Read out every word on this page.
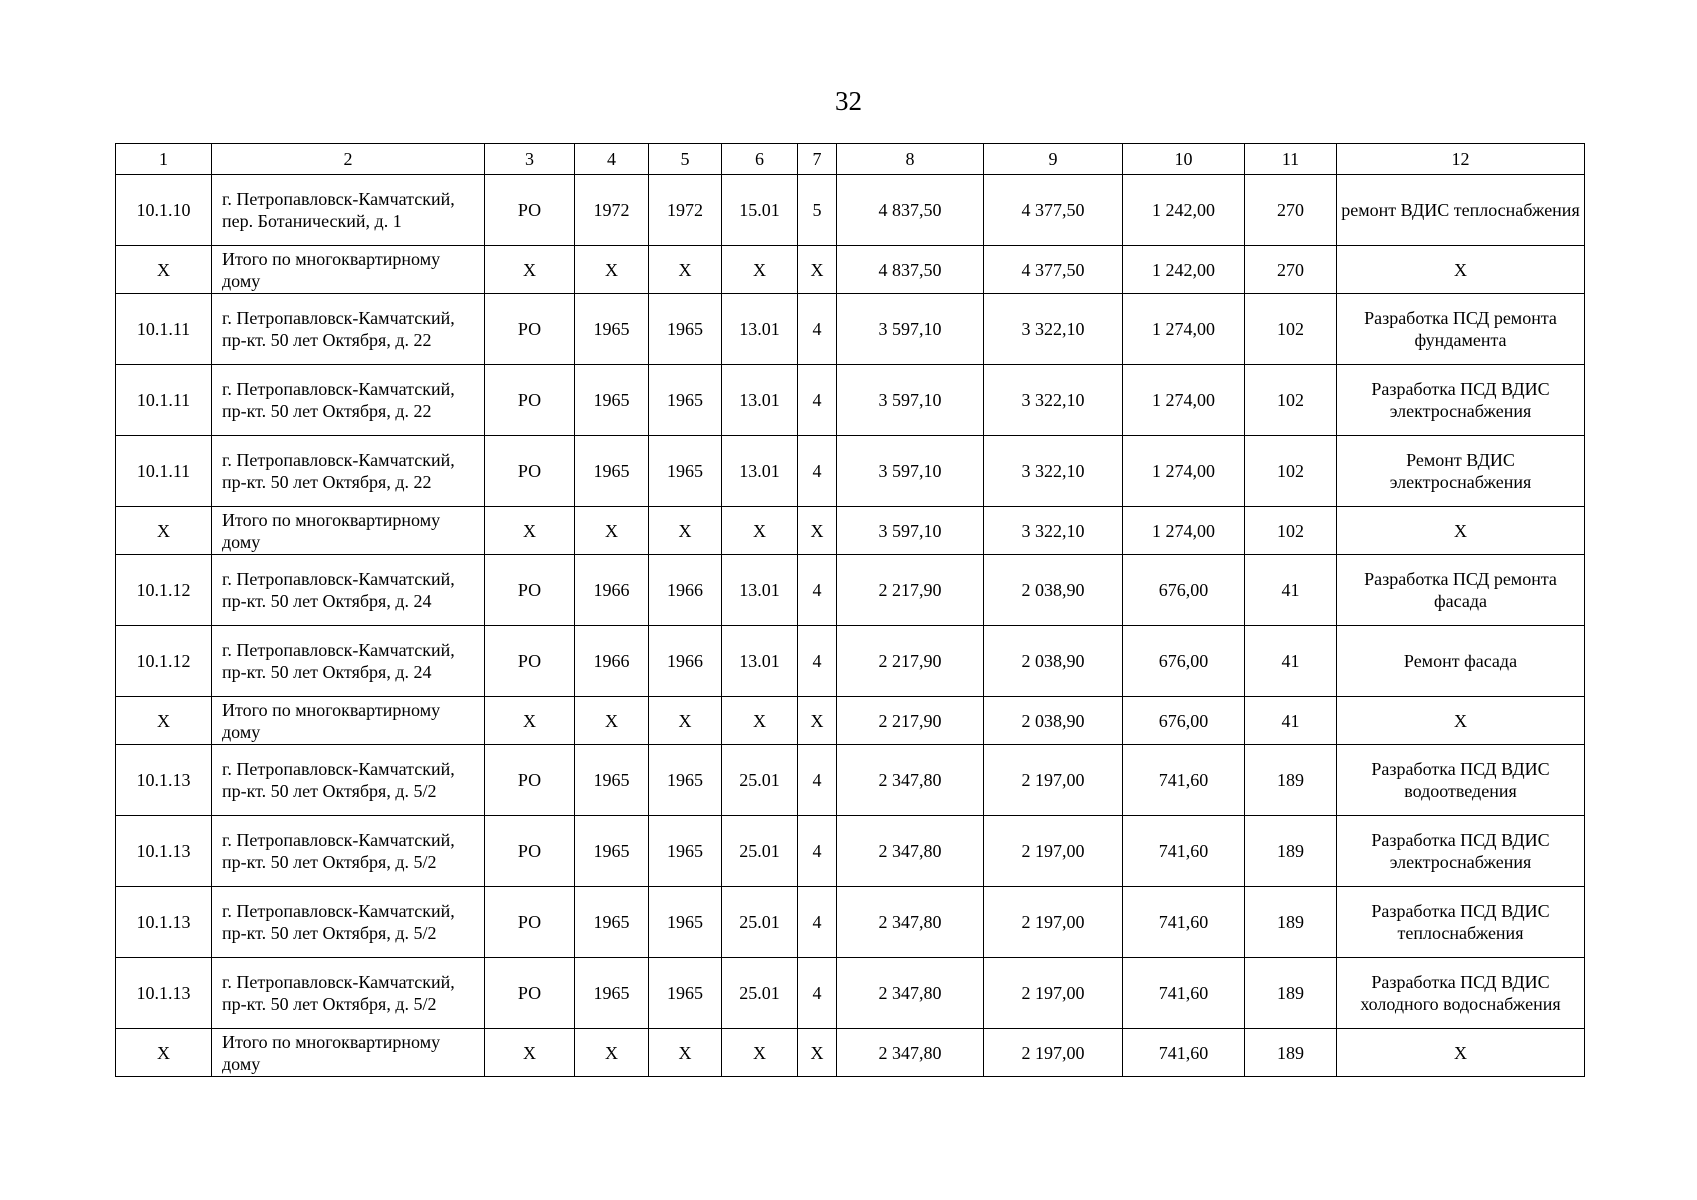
32
1	2	3	4	5	6	7	8	9	10	11	12
10.1.10	г. Петропавловск-Камчатский, пер. Ботанический, д. 1	РО	1972	1972	15.01	5	4 837,50	4 377,50	1 242,00	270	ремонт ВДИС теплоснабжения
Х	Итого по многоквартирному дому	Х	Х	Х	Х	Х	4 837,50	4 377,50	1 242,00	270	Х
10.1.11	г. Петропавловск-Камчатский, пр-кт. 50 лет Октября, д. 22	РО	1965	1965	13.01	4	3 597,10	3 322,10	1 274,00	102	Разработка ПСД ремонта фундамента
10.1.11	г. Петропавловск-Камчатский, пр-кт. 50 лет Октября, д. 22	РО	1965	1965	13.01	4	3 597,10	3 322,10	1 274,00	102	Разработка ПСД ВДИС электроснабжения
10.1.11	г. Петропавловск-Камчатский, пр-кт. 50 лет Октября, д. 22	РО	1965	1965	13.01	4	3 597,10	3 322,10	1 274,00	102	Ремонт ВДИС электроснабжения
Х	Итого по многоквартирному дому	Х	Х	Х	Х	Х	3 597,10	3 322,10	1 274,00	102	Х
10.1.12	г. Петропавловск-Камчатский, пр-кт. 50 лет Октября, д. 24	РО	1966	1966	13.01	4	2 217,90	2 038,90	676,00	41	Разработка ПСД ремонта фасада
10.1.12	г. Петропавловск-Камчатский, пр-кт. 50 лет Октября, д. 24	РО	1966	1966	13.01	4	2 217,90	2 038,90	676,00	41	Ремонт фасада
Х	Итого по многоквартирному дому	Х	Х	Х	Х	Х	2 217,90	2 038,90	676,00	41	Х
10.1.13	г. Петропавловск-Камчатский, пр-кт. 50 лет Октября, д. 5/2	РО	1965	1965	25.01	4	2 347,80	2 197,00	741,60	189	Разработка ПСД ВДИС водоотведения
10.1.13	г. Петропавловск-Камчатский, пр-кт. 50 лет Октября, д. 5/2	РО	1965	1965	25.01	4	2 347,80	2 197,00	741,60	189	Разработка ПСД ВДИС электроснабжения
10.1.13	г. Петропавловск-Камчатский, пр-кт. 50 лет Октября, д. 5/2	РО	1965	1965	25.01	4	2 347,80	2 197,00	741,60	189	Разработка ПСД ВДИС теплоснабжения
10.1.13	г. Петропавловск-Камчатский, пр-кт. 50 лет Октября, д. 5/2	РО	1965	1965	25.01	4	2 347,80	2 197,00	741,60	189	Разработка ПСД ВДИС холодного водоснабжения
Х	Итого по многоквартирному дому	Х	Х	Х	Х	Х	2 347,80	2 197,00	741,60	189	Х
